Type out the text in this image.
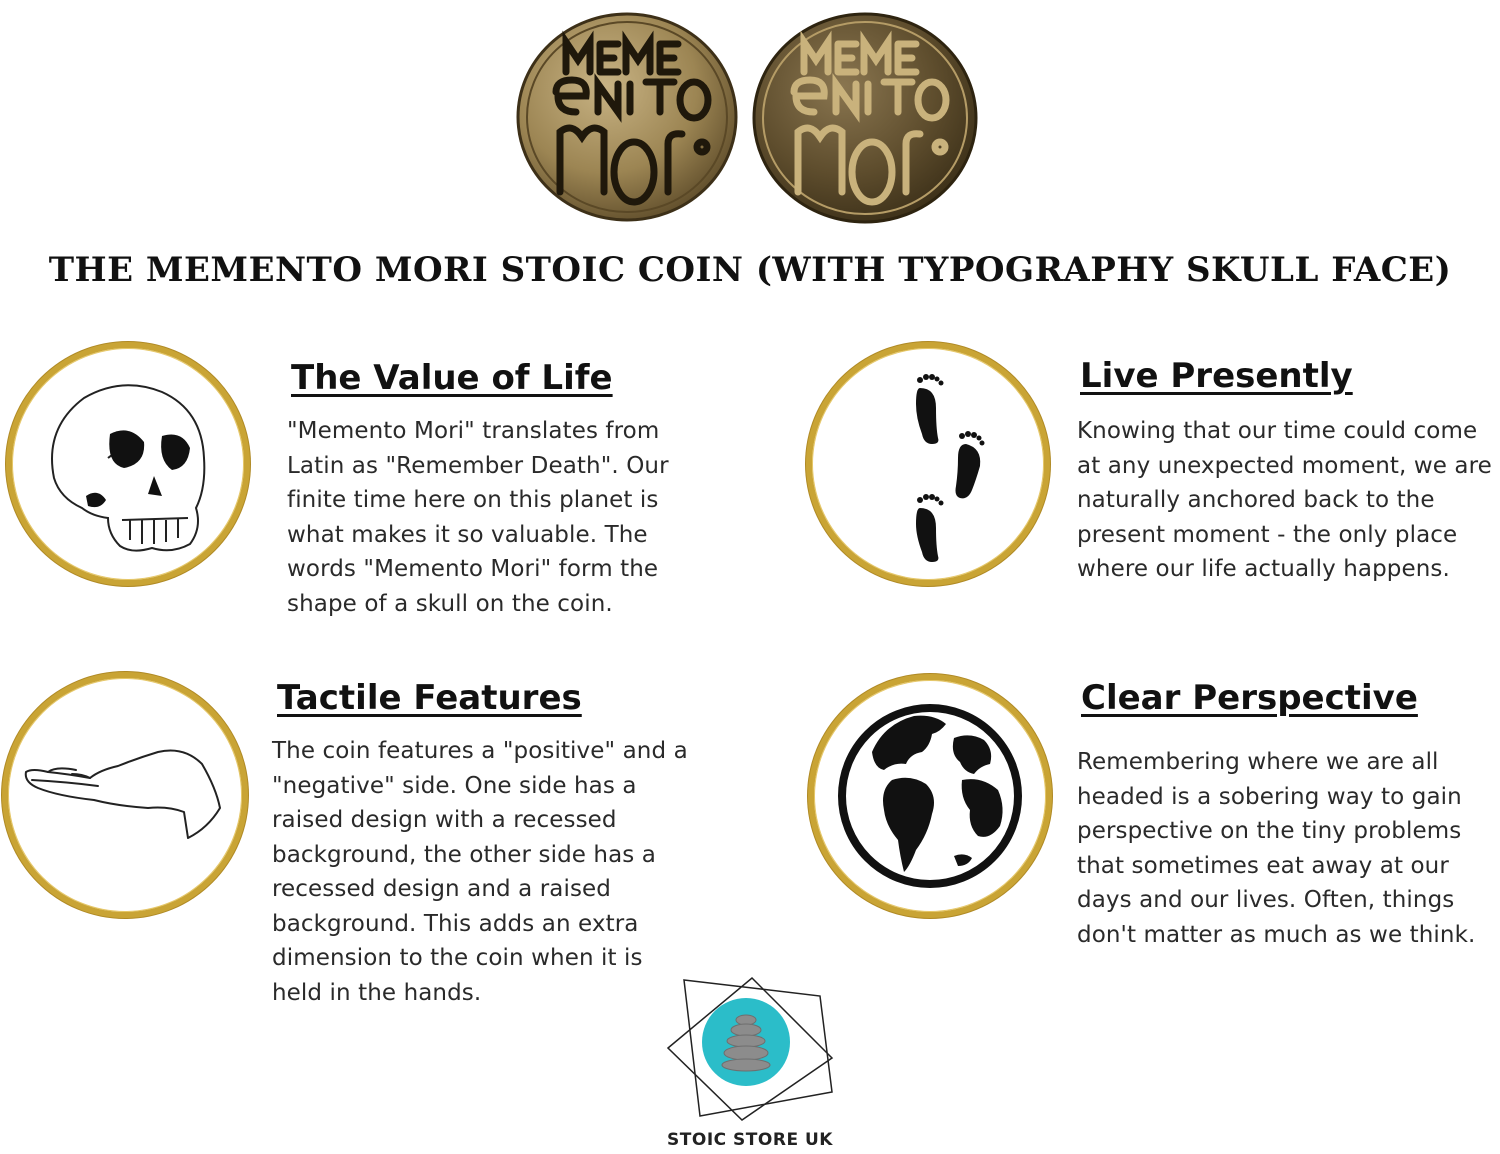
THE MEMENTO MORI STOIC COIN (WITH TYPOGRAPHY SKULL FACE)
The Value of Life
"Memento Mori" translates from
Latin as "Remember Death". Our
finite time here on this planet is
what makes it so valuable. The
words "Memento Mori" form the
shape of a skull on the coin.
Live Presently
Knowing that our time could come
at any unexpected moment, we are
naturally anchored back to the
present moment - the only place
where our life actually happens.
Tactile Features
The coin features a "positive" and a
"negative" side. One side has a
raised design with a recessed
background, the other side has a
recessed design and a raised
background. This adds an extra
dimension to the coin when it is
held in the hands.
Clear Perspective
Remembering where we are all
headed is a sobering way to gain
perspective on the tiny problems
that sometimes eat away at our
days and our lives. Often, things
don't matter as much as we think.
STOIC STORE UK
